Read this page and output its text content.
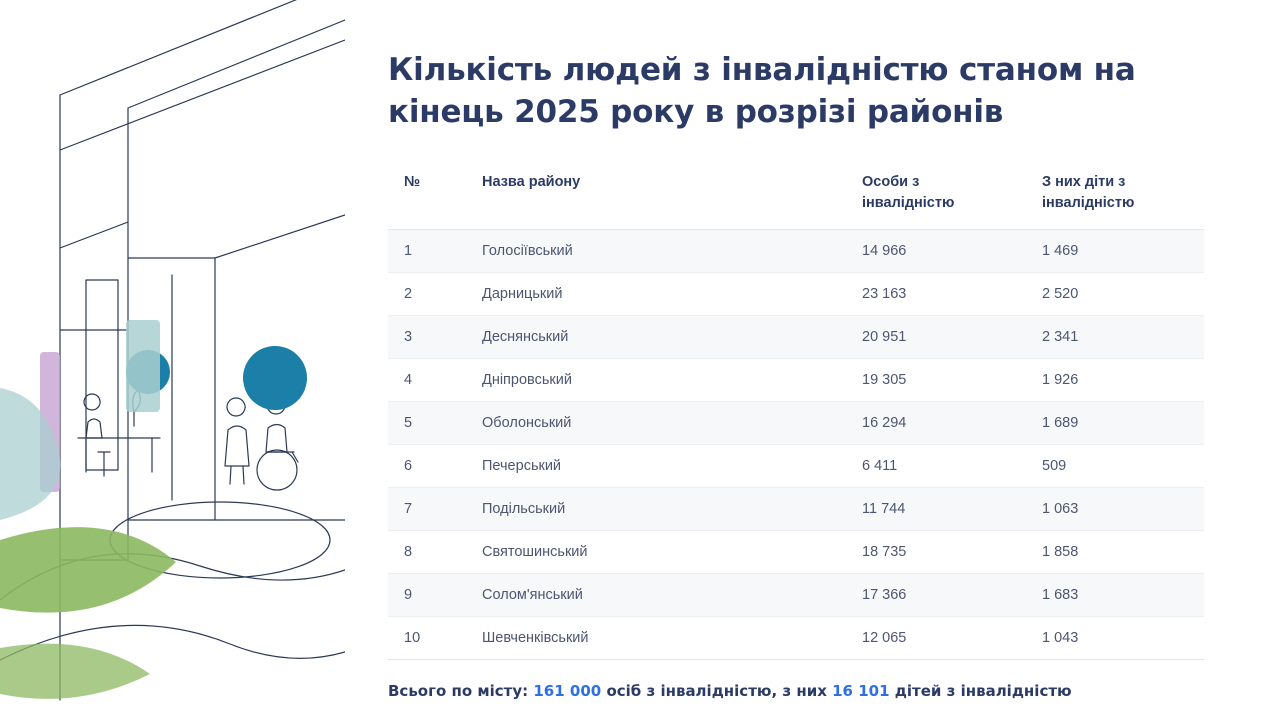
Кількість людей з інвалідністю станом на кінець 2025 року в розрізі районів
№	Назва району	Особи з інвалідністю	З них діти з інвалідністю
1	Голосіївський	14 966	1 469
2	Дарницький	23 163	2 520
3	Деснянський	20 951	2 341
4	Дніпровський	19 305	1 926
5	Оболонський	16 294	1 689
6	Печерський	6 411	509
7	Подільський	11 744	1 063
8	Святошинський	18 735	1 858
9	Солом'янський	17 366	1 683
10	Шевченківський	12 065	1 043
Всього по місту: 161 000 осіб з інвалідністю, з них 16 101 дітей з інвалідністю
